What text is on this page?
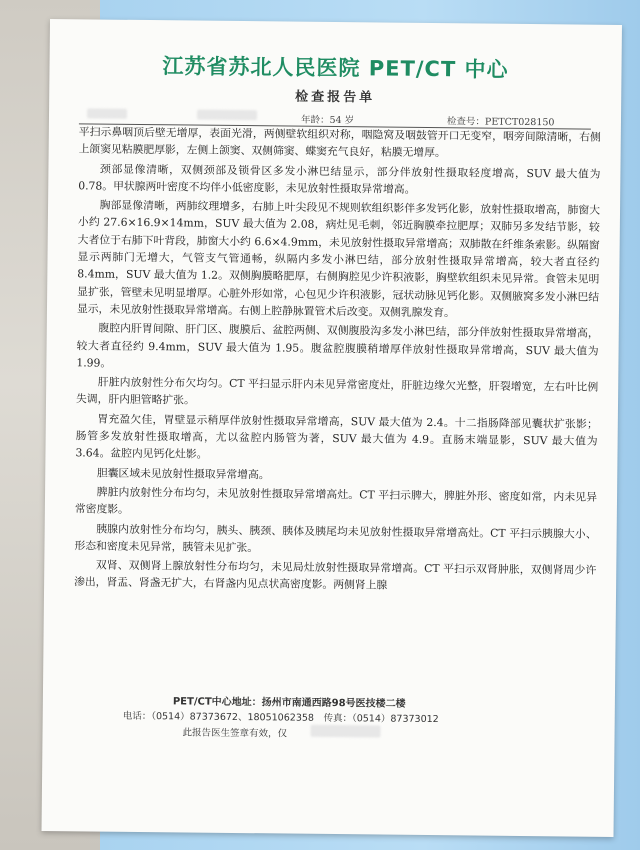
江苏省苏北人民医院 PET/CT 中心
检查报告单
年龄：54 岁	检查号：PETCT028150

平扫示鼻咽顶后壁无增厚，表面光滑，两侧壁软组织对称，咽隐窝及咽鼓管开口无变窄，咽旁间隙清晰，右侧上颌窦见粘膜肥厚影，左侧上颌窦、双侧筛窦、蝶窦充气良好，粘膜无增厚。

颈部显像清晰，双侧颈部及锁骨区多发小淋巴结显示，部分伴放射性摄取轻度增高，SUV 最大值为 0.78。甲状腺两叶密度不均伴小低密度影，未见放射性摄取异常增高。

胸部显像清晰，两肺纹理增多，右肺上叶尖段见不规则软组织影伴多发钙化影，放射性摄取增高，肺窗大小约 27.6×16.9×14mm，SUV 最大值为 2.08，病灶见毛刺，邻近胸膜牵拉肥厚；双肺另多发结节影，较大者位于右肺下叶背段，肺窗大小约 6.6×4.9mm，未见放射性摄取异常增高；双肺散在纤维条索影。纵隔窗显示两肺门无增大，气管支气管通畅，纵隔内多发小淋巴结，部分放射性摄取异常增高，较大者直径约 8.4mm，SUV 最大值为 1.2。双侧胸膜略肥厚，右侧胸腔见少许积液影，胸壁软组织未见异常。食管未见明显扩张，管壁未见明显增厚。心脏外形如常，心包见少许积液影，冠状动脉见钙化影。双侧腋窝多发小淋巴结显示，未见放射性摄取异常增高。右侧上腔静脉置管术后改变。双侧乳腺发育。

腹腔内肝胃间隙、肝门区、腹膜后、盆腔两侧、双侧腹股沟多发小淋巴结，部分伴放射性摄取异常增高，较大者直径约 9.4mm，SUV 最大值为 1.95。腹盆腔腹膜稍增厚伴放射性摄取异常增高，SUV 最大值为 1.99。

肝脏内放射性分布欠均匀。CT 平扫显示肝内未见异常密度灶，肝脏边缘欠光整，肝裂增宽，左右叶比例失调，肝内胆管略扩张。

胃充盈欠佳，胃壁显示稍厚伴放射性摄取异常增高，SUV 最大值为 2.4。十二指肠降部见囊状扩张影；肠管多发放射性摄取增高，尤以盆腔内肠管为著，SUV 最大值为 4.9。直肠末端显影，SUV 最大值为 3.64。盆腔内见钙化灶影。

胆囊区域未见放射性摄取异常增高。

脾脏内放射性分布均匀，未见放射性摄取异常增高灶。CT 平扫示脾大，脾脏外形、密度如常，内未见异常密度影。

胰腺内放射性分布均匀，胰头、胰颈、胰体及胰尾均未见放射性摄取异常增高灶。CT 平扫示胰腺大小、形态和密度未见异常，胰管未见扩张。

双肾、双侧肾上腺放射性分布均匀，未见局灶放射性摄取异常增高。CT 平扫示双肾肿胀，双侧肾周少许渗出，肾盂、肾盏无扩大，右肾盏内见点状高密度影。两侧肾上腺

PET/CT中心地址：扬州市南通西路98号医技楼二楼
电话：（0514）87373672、18051062358　传真：（0514）87373012
此报告医生签章有效，仅
